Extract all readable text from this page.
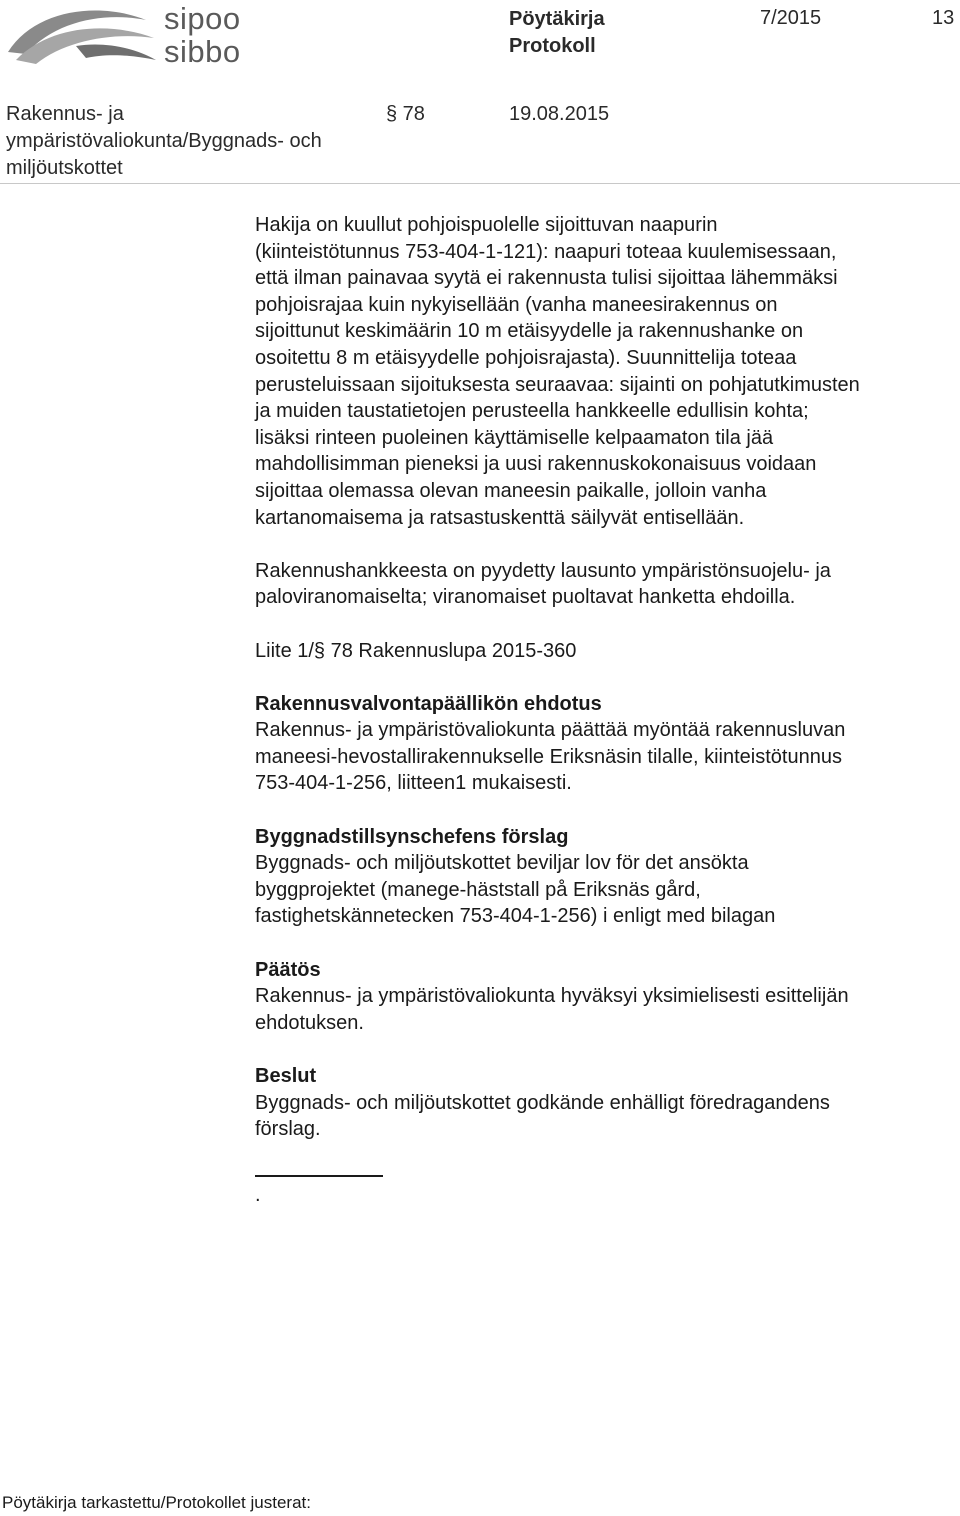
sipoo
sibbo
Pöytäkirja
Protokoll
7/2015	13
Rakennus- ja
ympäristövaliokunta/Byggnads- och
miljöutskottet
§ 78	19.08.2015

Hakija on kuullut pohjoispuolelle sijoittuvan naapurin

(kiinteistötunnus 753-404-1-121): naapuri toteaa kuulemisessaan,

että ilman painavaa syytä ei rakennusta tulisi sijoittaa lähemmäksi

pohjoisrajaa kuin nykyisellään (vanha maneesirakennus on

sijoittunut keskimäärin 10 m etäisyydelle ja rakennushanke on

osoitettu 8 m etäisyydelle pohjoisrajasta). Suunnittelija toteaa

perusteluissaan sijoituksesta seuraavaa: sijainti on pohjatutkimusten

ja muiden taustatietojen perusteella hankkeelle edullisin kohta;

lisäksi rinteen puoleinen käyttämiselle kelpaamaton tila jää

mahdollisimman pieneksi ja uusi rakennuskokonaisuus voidaan

sijoittaa olemassa olevan maneesin paikalle, jolloin vanha

kartanomaisema ja ratsastuskenttä säilyvät entisellään.

Rakennushankkeesta on pyydetty lausunto ympäristönsuojelu- ja

paloviranomaiselta; viranomaiset puoltavat hanketta ehdoilla.

Liite 1/§ 78 Rakennuslupa 2015-360

Rakennusvalvontapäällikön ehdotus

Rakennus- ja ympäristövaliokunta päättää myöntää rakennusluvan

maneesi-hevostallirakennukselle Eriksnäsin tilalle, kiinteistötunnus

753-404-1-256, liitteen1 mukaisesti.

Byggnadstillsynschefens förslag

Byggnads- och miljöutskottet beviljar lov för det ansökta

byggprojektet (manege-häststall på Eriksnäs gård,

fastighetskännetecken 753-404-1-256) i enligt med bilagan

Päätös

Rakennus- ja ympäristövaliokunta hyväksyi yksimielisesti esittelijän

ehdotuksen.

Beslut

Byggnads- och miljöutskottet godkände enhälligt föredragandens

förslag.

.
Pöytäkirja tarkastettu/Protokollet justerat:
